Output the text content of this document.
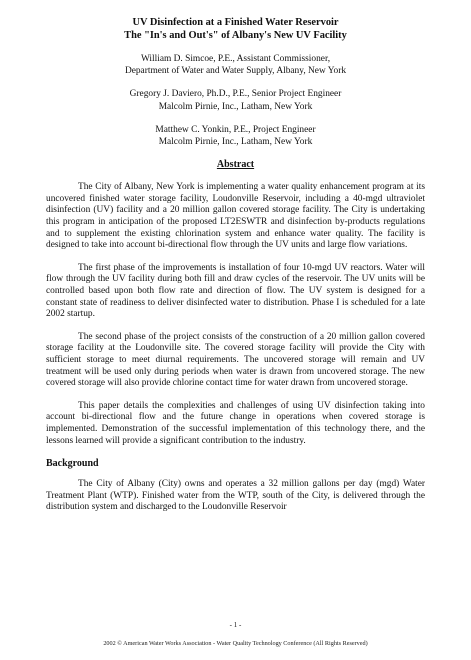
UV Disinfection at a Finished Water Reservoir
The "In's and Out's" of Albany's New UV Facility
William D. Simcoe, P.E., Assistant Commissioner,
Department of Water and Water Supply, Albany, New York
Gregory J. Daviero, Ph.D., P.E., Senior Project Engineer
Malcolm Pirnie, Inc., Latham, New York
Matthew C. Yonkin, P.E., Project Engineer
Malcolm Pirnie, Inc., Latham, New York
Abstract

The City of Albany, New York is implementing a water quality enhancement program at its uncovered finished water storage facility, Loudonville Reservoir, including a 40-mgd ultraviolet disinfection (UV) facility and a 20 million gallon covered storage facility. The City is undertaking this program in anticipation of the proposed LT2ESWTR and disinfection by-products regulations and to supplement the existing chlorination system and enhance water quality. The facility is designed to take into account bi-directional flow through the UV units and large flow variations.

The first phase of the improvements is installation of four 10-mgd UV reactors. Water will flow through the UV facility during both fill and draw cycles of the reservoir. The UV units will be controlled based upon both flow rate and direction of flow. The UV system is designed for a constant state of readiness to deliver disinfected water to distribution. Phase I is scheduled for a late 2002 startup.

The second phase of the project consists of the construction of a 20 million gallon covered storage facility at the Loudonville site. The covered storage facility will provide the City with sufficient storage to meet diurnal requirements. The uncovered storage will remain and UV treatment will be used only during periods when water is drawn from uncovered storage. The new covered storage will also provide chlorine contact time for water drawn from uncovered storage.

This paper details the complexities and challenges of using UV disinfection taking into account bi-directional flow and the future change in operations when covered storage is implemented. Demonstration of the successful implementation of this technology there, and the lessons learned will provide a significant contribution to the industry.

Background

The City of Albany (City) owns and operates a 32 million gallons per day (mgd) Water Treatment Plant (WTP). Finished water from the WTP, south of the City, is delivered through the distribution system and discharged to the Loudonville Reservoir

- 1 -
2002 © American Water Works Association - Water Quality Technology Conference (All Rights Reserved)
